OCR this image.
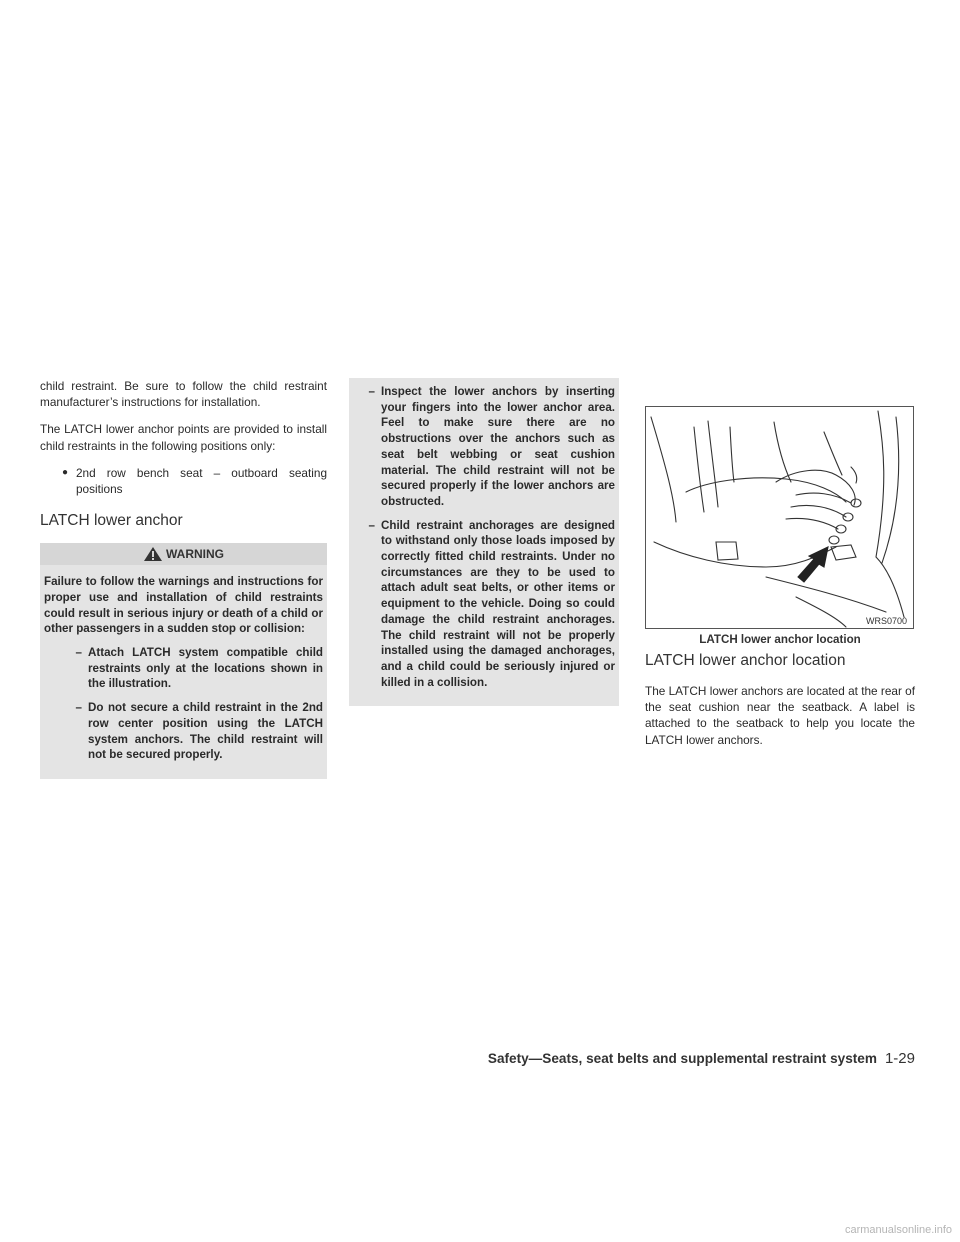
child restraint. Be sure to follow the child restraint manufacturer’s instructions for installation.

The LATCH lower anchor points are provided to install child restraints in the following positions only:

● 2nd row bench seat – outboard seating positions
LATCH lower anchor
WARNING

Failure to follow the warnings and instructions for proper use and installation of child restraints could result in serious injury or death of a child or other passengers in a sudden stop or collision:

– Attach LATCH system compatible child restraints only at the locations shown in the illustration.
– Do not secure a child restraint in the 2nd row center position using the LATCH system anchors. The child restraint will not be secured properly.
– Inspect the lower anchors by inserting your fingers into the lower anchor area. Feel to make sure there are no obstructions over the anchors such as seat belt webbing or seat cushion material. The child restraint will not be secured properly if the lower anchors are obstructed.
– Child restraint anchorages are designed to withstand only those loads imposed by correctly fitted child restraints. Under no circumstances are they to be used to attach adult seat belts, or other items or equipment to the vehicle. Doing so could damage the child restraint anchorages. The child restraint will not be properly installed using the damaged anchorages, and a child could be seriously injured or killed in a collision.
WRS0700
LATCH lower anchor location
LATCH lower anchor location

The LATCH lower anchors are located at the rear of the seat cushion near the seatback. A label is attached to the seatback to help you locate the LATCH lower anchors.

Safety—Seats, seat belts and supplemental restraint system 1-29
carmanualsonline.info
